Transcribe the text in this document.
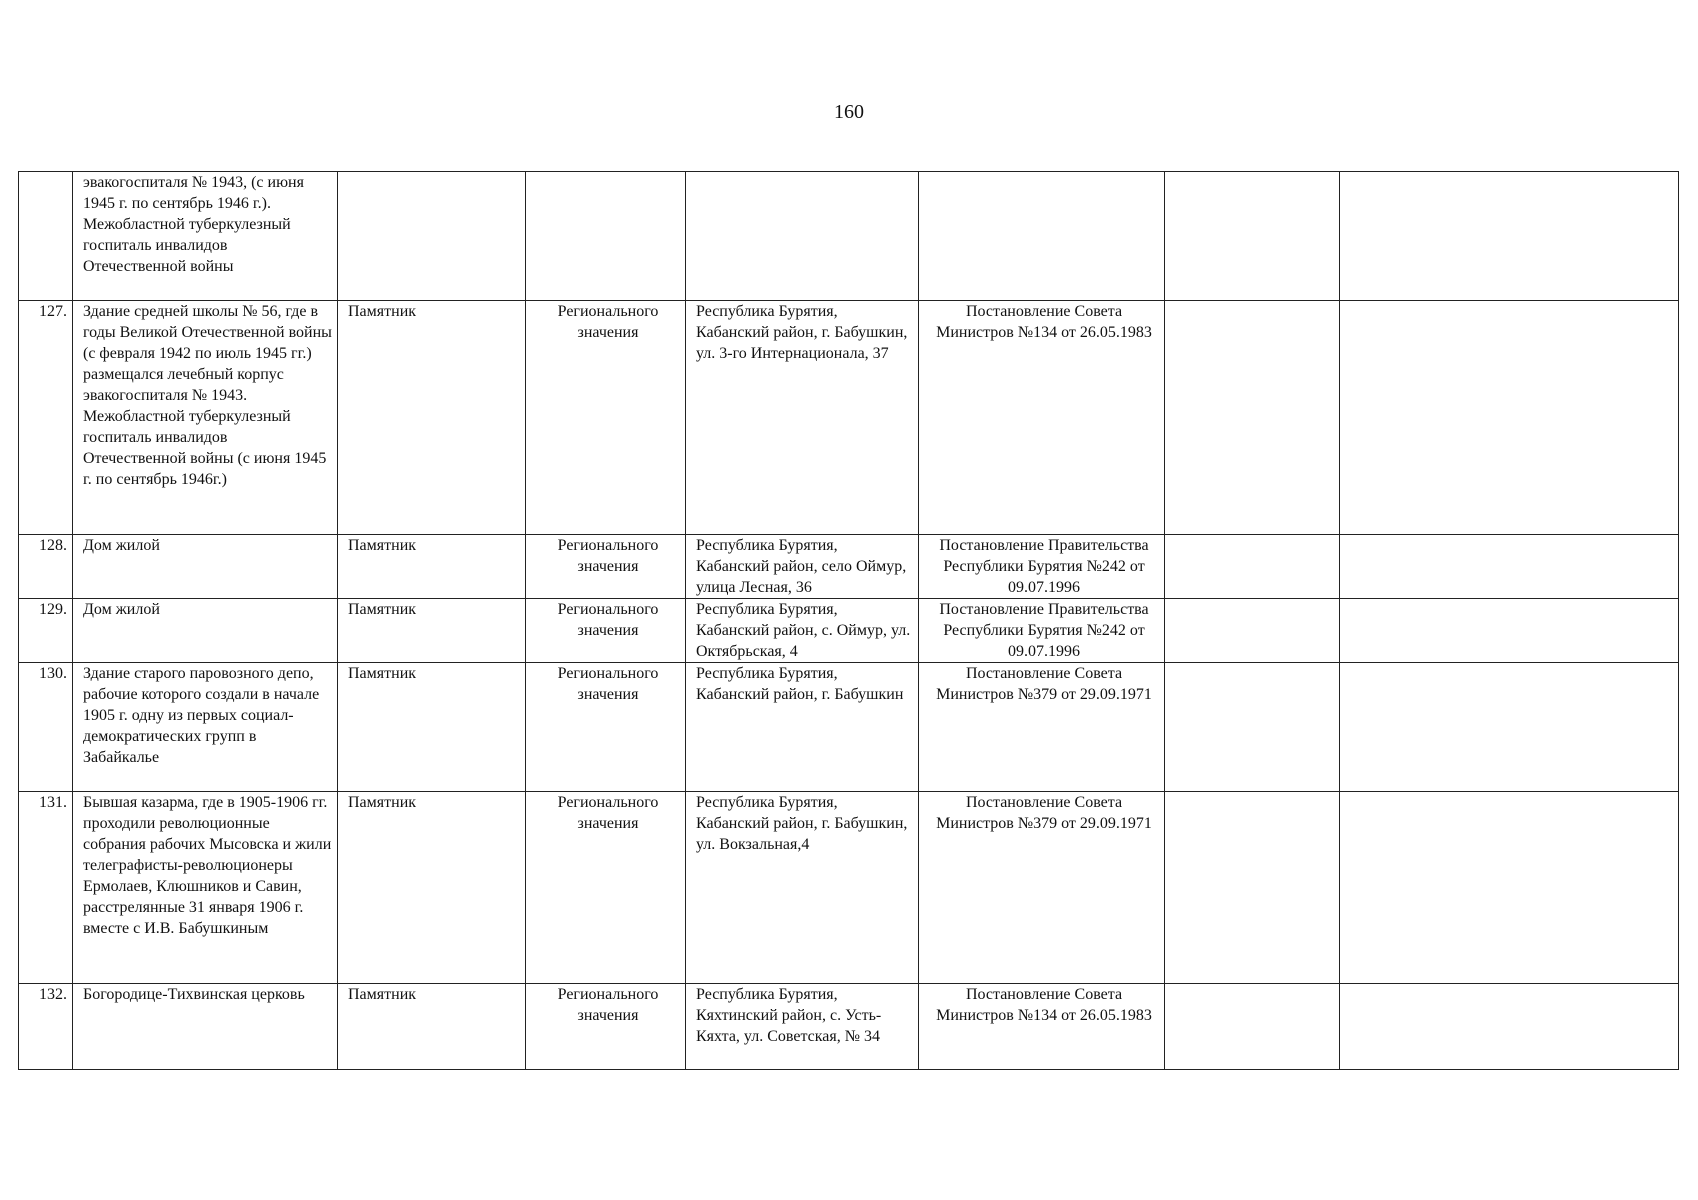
160
	эвакогоспиталя № 1943, (с июня 1945 г. по сентябрь 1946 г.). Межобластной туберкулезный госпиталь инвалидов Отечественной войны						
127.	Здание средней школы № 56, где в годы Великой Отечественной войны (с февраля 1942 по июль 1945 гг.) размещался лечебный корпус эвакогоспиталя № 1943. Межобластной туберкулезный госпиталь инвалидов Отечественной войны (с июня 1945 г. по сентябрь 1946г.)	Памятник	Регионального значения	Республика Бурятия, Кабанский район, г. Бабушкин, ул. 3-го Интернационала, 37	Постановление Совета Министров №134 от 26.05.1983		
128.	Дом жилой	Памятник	Регионального значения	Республика Бурятия, Кабанский район, село Оймур, улица Лесная, 36	Постановление Правительства Республики Бурятия №242 от 09.07.1996		
129.	Дом жилой	Памятник	Регионального значения	Республика Бурятия, Кабанский район, с. Оймур, ул. Октябрьская, 4	Постановление Правительства Республики Бурятия №242 от 09.07.1996		
130.	Здание старого паровозного депо, рабочие которого создали в начале 1905 г. одну из первых социал-демократических групп в Забайкалье	Памятник	Регионального значения	Республика Бурятия, Кабанский район, г. Бабушкин	Постановление Совета Министров №379 от 29.09.1971		
131.	Бывшая казарма, где в 1905-1906 гг. проходили революционные собрания рабочих Мысовска и жили телеграфисты-революционеры Ермолаев, Клюшников и Савин, расстрелянные 31 января 1906 г. вместе с И.В. Бабушкиным	Памятник	Регионального значения	Республика Бурятия, Кабанский район, г. Бабушкин, ул. Вокзальная,4	Постановление Совета Министров №379 от 29.09.1971		
132.	Богородице-Тихвинская церковь	Памятник	Регионального значения	Республика Бурятия, Кяхтинский район, с. Усть-Кяхта, ул. Советская, № 34	Постановление Совета Министров №134 от 26.05.1983		
